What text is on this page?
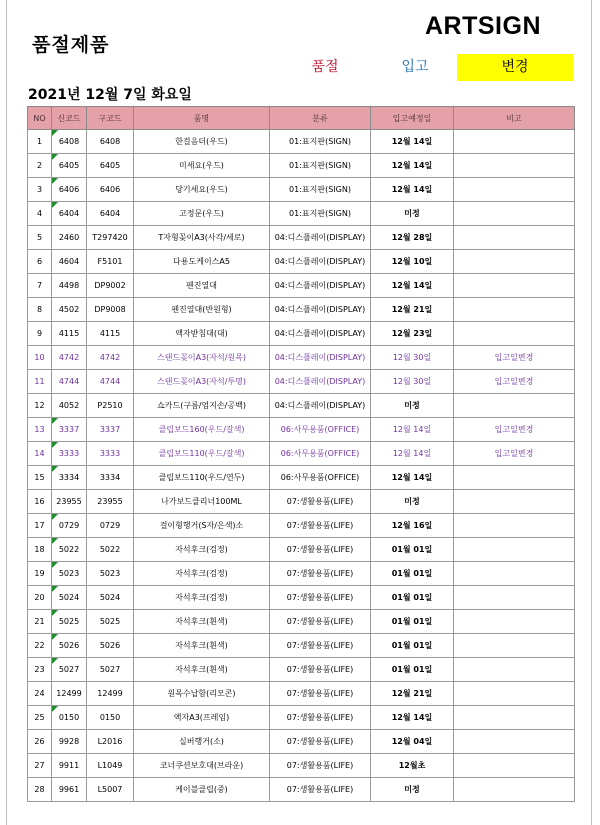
품절제품
ARTSIGN
품절	입고	변경
2021년 12월 7일 화요일
NO	신코드	구코드	품명	분류	입고예정일	비고
1	6408	6408	한걸음더(우드)	01:표지판(SIGN)	12월 14일	
2	6405	6405	미세요(우드)	01:표지판(SIGN)	12월 14일	
3	6406	6406	당기세요(우드)	01:표지판(SIGN)	12월 14일	
4	6404	6404	고정문(우드)	01:표지판(SIGN)	미정	
5	2460	T297420	T자형꽂이A3(사각/세로)	04:디스플레이(DISPLAY)	12월 28일	
6	4604	F5101	다용도케이스A5	04:디스플레이(DISPLAY)	12월 10일	
7	4498	DP9002	펜진열대	04:디스플레이(DISPLAY)	12월 14일	
8	4502	DP9008	펜진열대(반원형)	04:디스플레이(DISPLAY)	12월 21일	
9	4115	4115	액자받침대(대)	04:디스플레이(DISPLAY)	12월 23일	
10	4742	4742	스탠드꽂이A3(자석/원목)	04:디스플레이(DISPLAY)	12월 30일	입고일변경
11	4744	4744	스탠드꽂이A3(자석/투명)	04:디스플레이(DISPLAY)	12월 30일	입고일변경
12	4052	P2510	쇼카드(구름/엄지손/공백)	04:디스플레이(DISPLAY)	미정	
13	3337	3337	클립보드160(우드/갈색)	06:사무용품(OFFICE)	12월 14일	입고일변경
14	3333	3333	클립보드110(우드/갈색)	06:사무용품(OFFICE)	12월 14일	입고일변경
15	3334	3334	클립보드110(우드/연두)	06:사무용품(OFFICE)	12월 14일	
16	23955	23955	나가보드클리너100ML	07:생활용품(LIFE)	미정	
17	0729	0729	걸이형행거(S자/은색)소	07:생활용품(LIFE)	12월 16일	
18	5022	5022	자석후크(검정)	07:생활용품(LIFE)	01월 01일	
19	5023	5023	자석후크(검정)	07:생활용품(LIFE)	01월 01일	
20	5024	5024	자석후크(검정)	07:생활용품(LIFE)	01월 01일	
21	5025	5025	자석후크(흰색)	07:생활용품(LIFE)	01월 01일	
22	5026	5026	자석후크(흰색)	07:생활용품(LIFE)	01월 01일	
23	5027	5027	자석후크(흰색)	07:생활용품(LIFE)	01월 01일	
24	12499	12499	원목수납함(리모콘)	07:생활용품(LIFE)	12월 21일	
25	0150	0150	액자A3(프레임)	07:생활용품(LIFE)	12월 14일	
26	9928	L2016	실버행거(소)	07:생활용품(LIFE)	12월 04일	
27	9911	L1049	코너쿠션보호대(브라운)	07:생활용품(LIFE)	12월초	
28	9961	L5007	케이블클립(중)	07:생활용품(LIFE)	미정	
